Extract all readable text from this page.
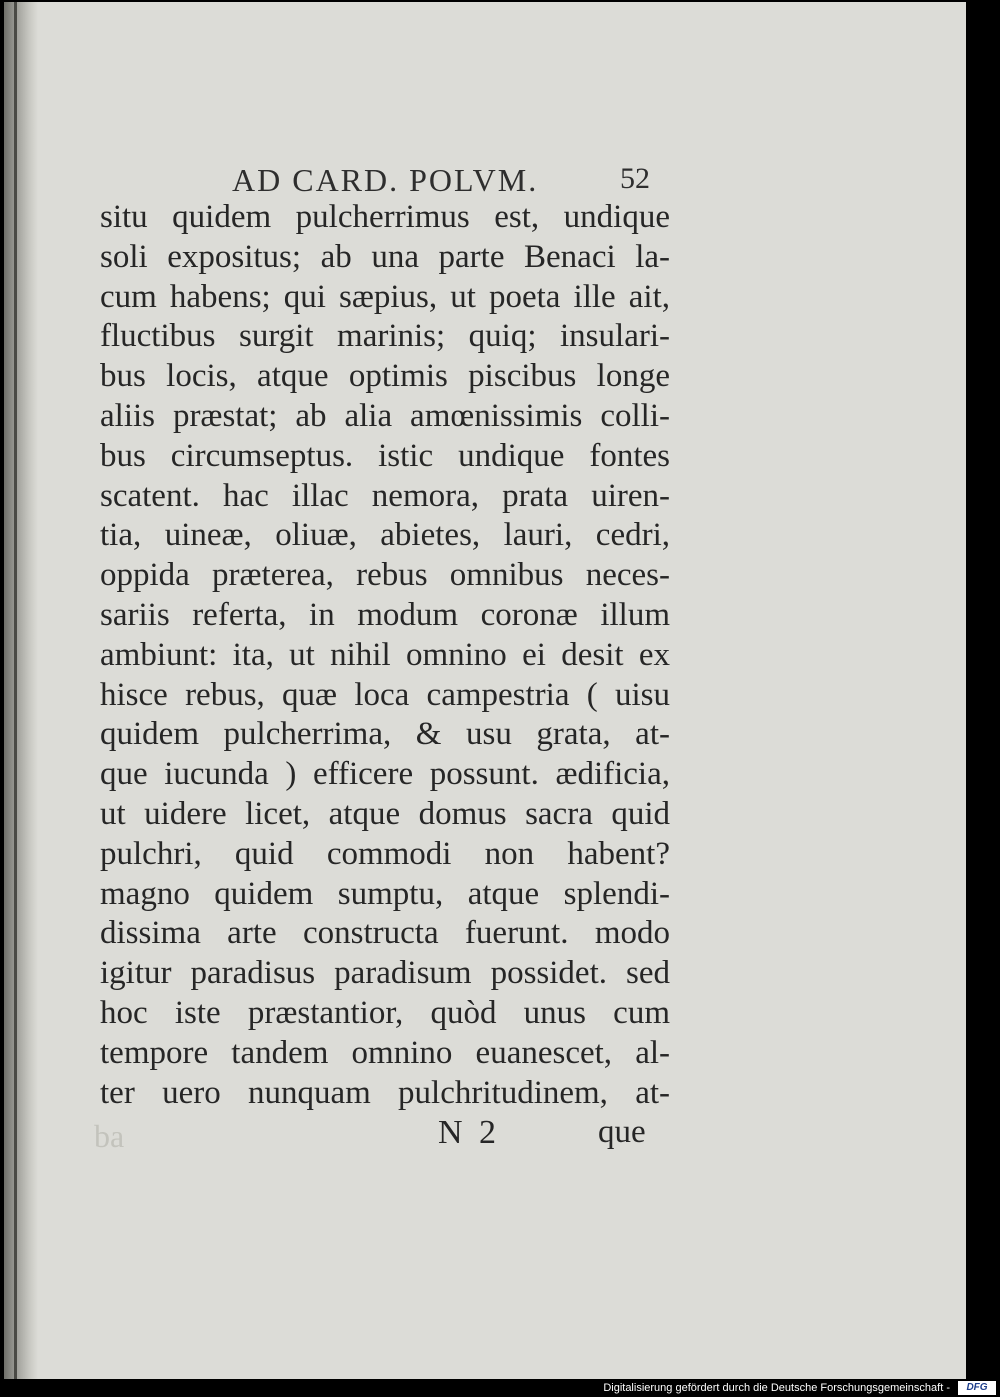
AD CARD. POLVM.	52
situ quidem pulcherrimus est, undique
soli expositus; ab una parte Benaci la-
cum habens; qui sæpius, ut poeta ille ait,
fluctibus surgit marinis; quiq; insulari-
bus locis, atque optimis piscibus longe
aliis præstat; ab alia amœnissimis colli-
bus circumseptus. istic undique fontes
scatent. hac illac nemora, prata uiren-
tia, uineæ, oliuæ, abietes, lauri, cedri,
oppida præterea, rebus omnibus neces-
sariis referta, in modum coronæ illum
ambiunt: ita, ut nihil omnino ei desit ex
hisce rebus, quæ loca campestria ( uisu
quidem pulcherrima, & usu grata, at-
que iucunda ) efficere possunt. ædificia,
ut uidere licet, atque domus sacra quid
pulchri, quid commodi non habent?
magno quidem sumptu, atque splendi-
dissima arte constructa fuerunt. modo
igitur paradisus paradisum possidet. sed
hoc iste præstantior, quòd unus cum
tempore tandem omnino euanescet, al-
ter uero nunquam pulchritudinem, at-
ba	N 2	que
Digitalisierung gefördert durch die Deutsche Forschungsgemeinschaft -	DFG
